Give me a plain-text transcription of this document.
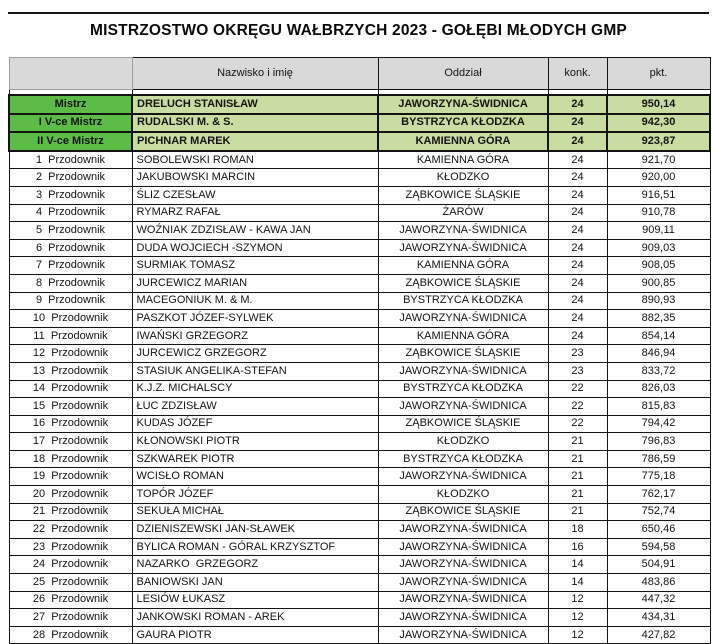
MISTRZOSTWO OKRĘGU WAŁBRZYCH 2023 - GOŁĘBI MŁODYCH GMP
	Nazwisko i imię	Oddział	konk.	pkt.

Mistrz	DRELUCH STANISŁAW	JAWORZYNA-ŚWIDNICA	24	950,14
I V-ce Mistrz	RUDALSKI M. & S.	BYSTRZYCA KŁODZKA	24	942,30
II V-ce Mistrz	PICHNAR MAREK	KAMIENNA GÓRA	24	923,87
1  Przodownik	SOBOLEWSKI ROMAN	KAMIENNA GÓRA	24	921,70
2  Przodownik	JAKUBOWSKI MARCIN	KŁODZKO	24	920,00
3  Przodownik	ŚLIZ CZESŁAW	ZĄBKOWICE ŚLĄSKIE	24	916,51
4  Przodownik	RYMARZ RAFAŁ	ŻARÓW	24	910,78
5  Przodownik	WOŹNIAK ZDZISŁAW - KAWA JAN	JAWORZYNA-ŚWIDNICA	24	909,11
6  Przodownik	DUDA WOJCIECH -SZYMON	JAWORZYNA-ŚWIDNICA	24	909,03
7  Przodownik	SURMIAK TOMASZ	KAMIENNA GÓRA	24	908,05
8  Przodownik	JURCEWICZ MARIAN	ZĄBKOWICE ŚLĄSKIE	24	900,85
9  Przodownik	MACEGONIUK M. & M.	BYSTRZYCA KŁODZKA	24	890,93
10  Przodownik	PASZKOT JÓZEF-SYLWEK	JAWORZYNA-ŚWIDNICA	24	882,35
11  Przodownik	IWAŃSKI GRZEGORZ	KAMIENNA GÓRA	24	854,14
12  Przodownik	JURCEWICZ GRZEGORZ	ZĄBKOWICE ŚLĄSKIE	23	846,94
13  Przodownik	STASIUK ANGELIKA-STEFAN	JAWORZYNA-ŚWIDNICA	23	833,72
14  Przodownik	K.J.Z. MICHALSCY	BYSTRZYCA KŁODZKA	22	826,03
15  Przodownik	ŁUC ZDZISŁAW	JAWORZYNA-ŚWIDNICA	22	815,83
16  Przodownik	KUDAS JÓZEF	ZĄBKOWICE ŚLĄSKIE	22	794,42
17  Przodownik	KŁONOWSKI PIOTR	KŁODZKO	21	796,83
18  Przodownik	SZKWAREK PIOTR	BYSTRZYCA KŁODZKA	21	786,59
19  Przodownik	WCISŁO ROMAN	JAWORZYNA-ŚWIDNICA	21	775,18
20  Przodownik	TOPÓR JÓZEF	KŁODZKO	21	762,17
21  Przodownik	SEKUŁA MICHAŁ	ZĄBKOWICE ŚLĄSKIE	21	752,74
22  Przodownik	DZIENISZEWSKI JAN-SŁAWEK	JAWORZYNA-ŚWIDNICA	18	650,46
23  Przodownik	BYLICA ROMAN - GÓRAL KRZYSZTOF	JAWORZYNA-ŚWIDNICA	16	594,58
24  Przodownik	NAZARKO  GRZEGORZ	JAWORZYNA-ŚWIDNICA	14	504,91
25  Przodownik	BANIOWSKI JAN	JAWORZYNA-ŚWIDNICA	14	483,86
26  Przodownik	LESIÓW ŁUKASZ	JAWORZYNA-ŚWIDNICA	12	447,32
27  Przodownik	JANKOWSKI ROMAN - AREK	JAWORZYNA-ŚWIDNICA	12	434,31
28  Przodownik	GAURA PIOTR	JAWORZYNA-ŚWIDNICA	12	427,82
